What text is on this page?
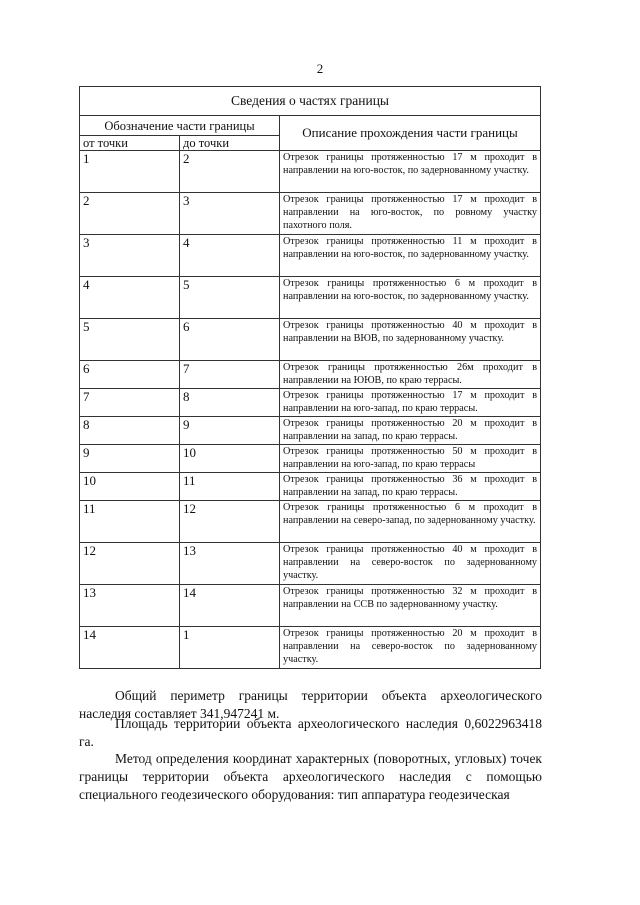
2
Сведения о частях границы		
Обозначение части границы		Описание прохождения части границы
от точки	до точки	
1	2	Отрезок границы протяженностью 17 м проходит в направлении на юго-восток, по задернованному участку.
2	3	Отрезок границы протяженностью 17 м проходит в направлении на юго-восток, по ровному участку пахотного поля.
3	4	Отрезок границы протяженностью 11 м проходит в направлении на юго-восток, по задернованному участку.
4	5	Отрезок границы протяженностью 6 м проходит в направлении на юго-восток, по задернованному участку.
5	6	Отрезок границы протяженностью 40 м проходит в направлении на ВЮВ, по задернованному участку.
6	7	Отрезок границы протяженностью 26м проходит в направлении на ЮЮВ, по краю террасы.
7	8	Отрезок границы протяженностью 17 м проходит в направлении на юго-запад, по краю террасы.
8	9	Отрезок границы протяженностью 20 м проходит в направлении на запад, по краю террасы.
9	10	Отрезок границы протяженностью 50 м проходит в направлении на юго-запад, по краю террасы
10	11	Отрезок границы протяженностью 36 м проходит в направлении на запад, по краю террасы.
11	12	Отрезок границы протяженностью 6 м проходит в направлении на северо-запад, по задернованному участку.
12	13	Отрезок границы протяженностью 40 м проходит в направлении на северо-восток по задернованному участку.
13	14	Отрезок границы протяженностью 32 м проходит в направлении на ССВ по задернованному участку.
14	1	Отрезок границы протяженностью 20 м проходит в направлении на северо-восток по задернованному участку.
Общий периметр границы территории объекта археологического наследия составляет 341,947241 м.
Площадь территории объекта археологического наследия 0,6022963418 га.
Метод определения координат характерных (поворотных, угловых) точек границы территории объекта археологического наследия с помощью специального геодезического оборудования: тип аппаратура геодезическая
